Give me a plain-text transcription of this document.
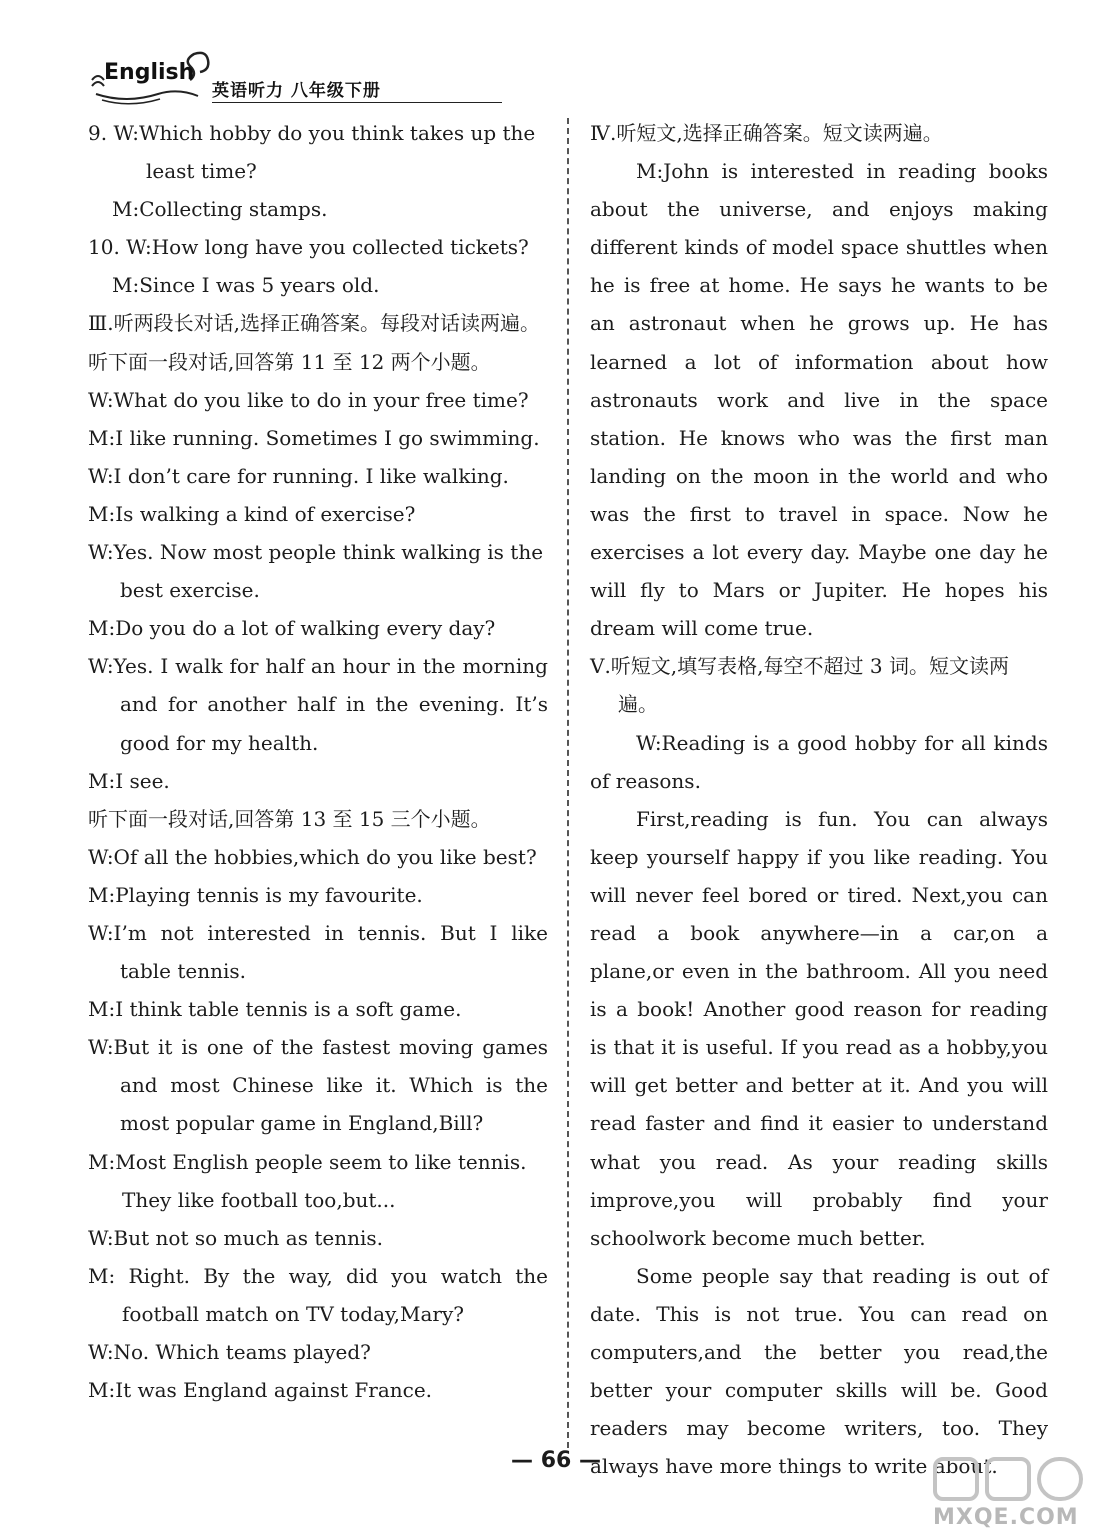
English
英语听力 八年级下册

9. W:Which hobby do you think takes up the least time?

M:Collecting stamps.

10. W:How long have you collected tickets?

M:Since I was 5 years old.

Ⅲ.听两段长对话,选择正确答案。每段对话读两遍。

听下面一段对话,回答第 11 至 12 两个小题。

W:What do you like to do in your free time?

M:I like running. Sometimes I go swimming.

W:I don’t care for running. I like walking.

M:Is walking a kind of exercise?

W:Yes. Now most people think walking is the best exercise.

M:Do you do a lot of walking every day?

W:Yes. I walk for half an hour in the morning and for another half in the evening. It’s good for my health.

M:I see.

听下面一段对话,回答第 13 至 15 三个小题。

W:Of all the hobbies,which do you like best?

M:Playing tennis is my favourite.

W:I’m not interested in tennis. But I like table tennis.

M:I think table tennis is a soft game.

W:But it is one of the fastest moving games and most Chinese like it. Which is the most popular game in England,Bill?

M:Most English people seem to like tennis. They like football too,but...

W:But not so much as tennis.

M: Right. By the way, did you watch the football match on TV today,Mary?

W:No. Which teams played?

M:It was England against France.

Ⅳ.听短文,选择正确答案。短文读两遍。

M:John is interested in reading books about the universe, and enjoys making different kinds of model space shuttles when he is free at home. He says he wants to be an astronaut when he grows up. He has learned a lot of information about how astronauts work and live in the space station. He knows who was the first man landing on the moon in the world and who was the first to travel in space. Now he exercises a lot every day. Maybe one day he will fly to Mars or Jupiter. He hopes his dream will come true.

Ⅴ.听短文,填写表格,每空不超过 3 词。短文读两遍。

W:Reading is a good hobby for all kinds of reasons.

First,reading is fun. You can always keep yourself happy if you like reading. You will never feel bored or tired. Next,you can read a book anywhere—in a car,on a plane,or even in the bathroom. All you need is a book! Another good reason for reading is that it is useful. If you read as a hobby,you will get better and better at it. And you will read faster and find it easier to understand what you read. As your reading skills improve,you will probably find your schoolwork become much better.

Some people say that reading is out of date. This is not true. You can read on computers,and the better you read,the better your computer skills will be. Good readers may become writers, too. They always have more things to write about.

— 66 —
MXQE.COM
